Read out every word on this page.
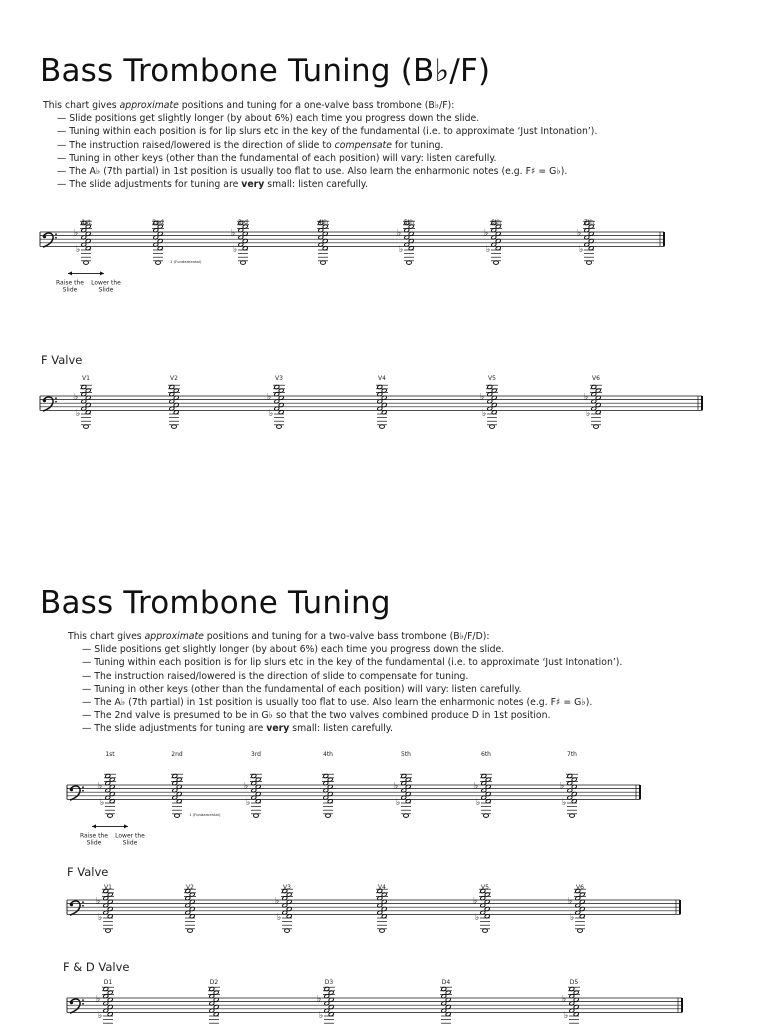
Bass Trombone Tuning (B♭/F)
This chart gives approximate positions and tuning for a one-valve bass trombone (B♭/F):
— Slide positions get slightly longer (by about 6%) each time you progress down the slide.
— Tuning within each position is for lip slurs etc in the key of the fundamental (i.e. to approximate ‘Just Intonation’).
— The instruction raised/lowered is the direction of slide to compensate for tuning.
— Tuning in other keys (other than the fundamental of each position) will vary: listen carefully.
— The A♭ (7th partial) in 1st position is usually too flat to use. Also learn the enharmonic notes (e.g. F♯ = G♭).
— The slide adjustments for tuning are very small: listen carefully.
1st
♭
♭
2nd	3rd
♭
♭
4th	5th
♭
♭
6th
♭
♭
7th
♭
♭
1 (Fundamental)
Raise the Slide
Lower the Slide
F Valve
V1
♭
♭
V2	V3
♭
♭
V4	V5
♭
♭
V6
♭
♭
Bass Trombone Tuning
This chart gives approximate positions and tuning for a two-valve bass trombone (B♭/F/D):
— Slide positions get slightly longer (by about 6%) each time you progress down the slide.
— Tuning within each position is for lip slurs etc in the key of the fundamental (i.e. to approximate ‘Just Intonation’).
— The instruction raised/lowered is the direction of slide to compensate for tuning.
— Tuning in other keys (other than the fundamental of each position) will vary: listen carefully.
— The A♭ (7th partial) in 1st position is usually too flat to use. Also learn the enharmonic notes (e.g. F♯ = G♭).
— The 2nd valve is presumed to be in G♭ so that the two valves combined produce D in 1st position.
— The slide adjustments for tuning are very small: listen carefully.
1st
♭
♭
2nd	3rd
♭
♭
4th	5th
♭
♭
6th
♭
♭
7th
♭
♭
1 (Fundamental)
Raise the Slide
Lower the Slide
F Valve
V1
♭
♭
V2	V3
♭
♭
V4	V5
♭
♭
V6
♭
♭
F & D Valve
D1
♭
♭
D2	D3
♭
♭
D4	D5
♭
♭
